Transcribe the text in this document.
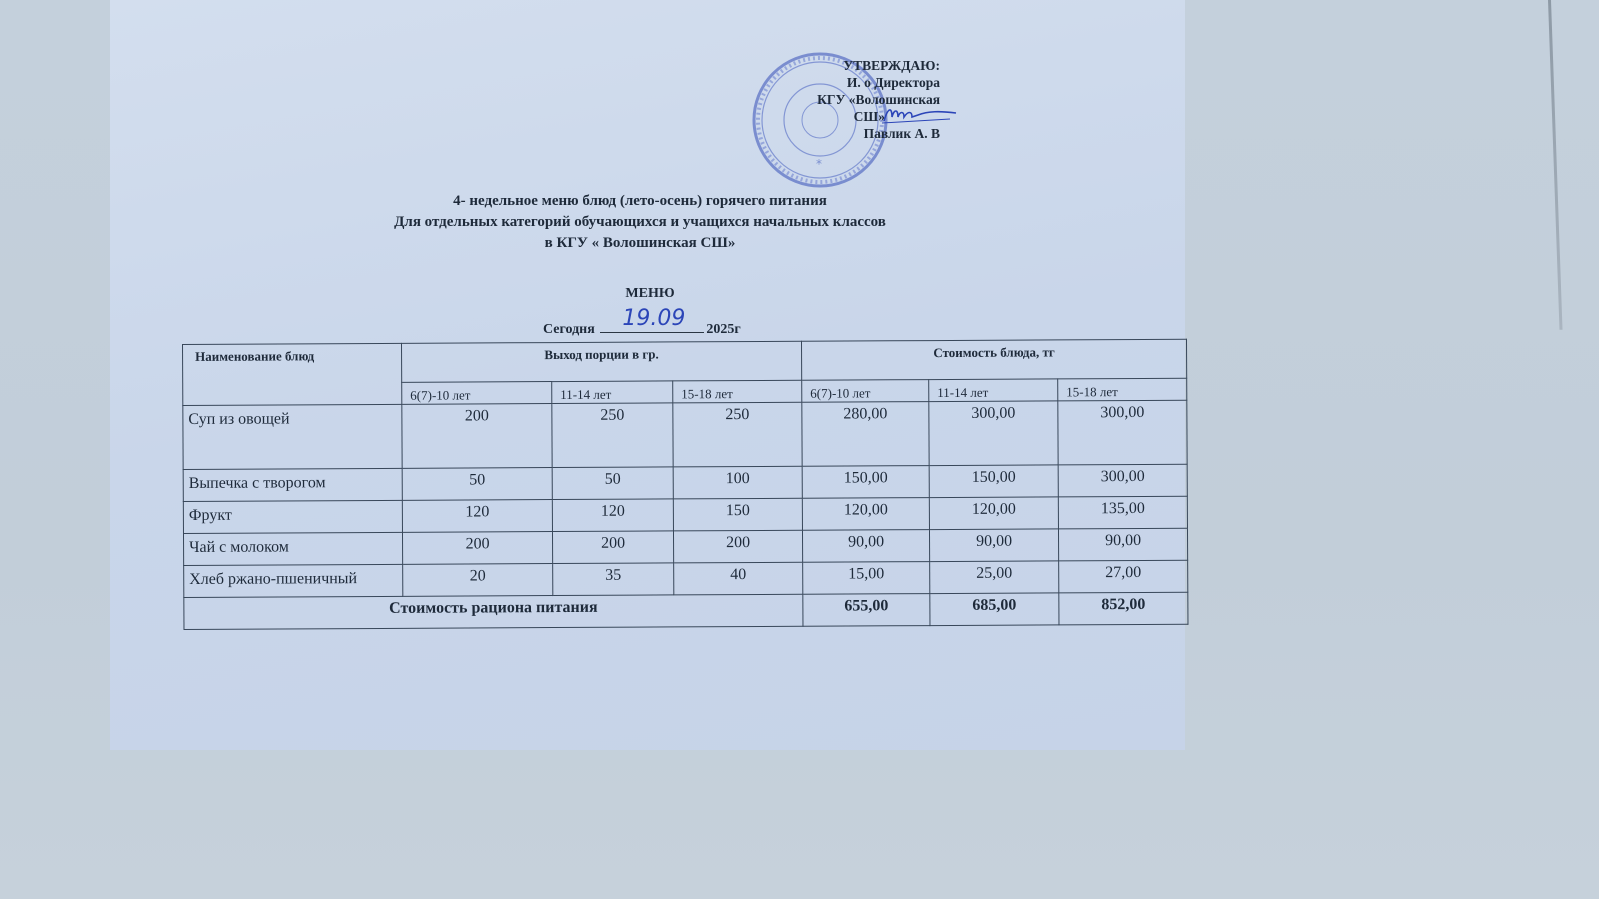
*
УТВЕРЖДАЮ:
И. о Директора
КГУ «Волошинская
СШ»
Павлик А. В
4- недельное меню блюд (лето-осень) горячего питания
Для отдельных категорий обучающихся и учащихся начальных классов
в КГУ « Волошинская СШ»
МЕНЮ
Сегодня 19.09 2025г
Наименование блюд	Выход порции в гр.			Стоимость блюда, тг		
	6(7)-10 лет	11-14 лет	15-18 лет	6(7)-10 лет	11-14 лет	15-18 лет
Суп из овощей	200	250	250	280,00	300,00	300,00
Выпечка с творогом	50	50	100	150,00	150,00	300,00
Фрукт	120	120	150	120,00	120,00	135,00
Чай с молоком	200	200	200	90,00	90,00	90,00
Хлеб ржано-пшеничный	20	35	40	15,00	25,00	27,00
Стоимость рациона питания				655,00	685,00	852,00
